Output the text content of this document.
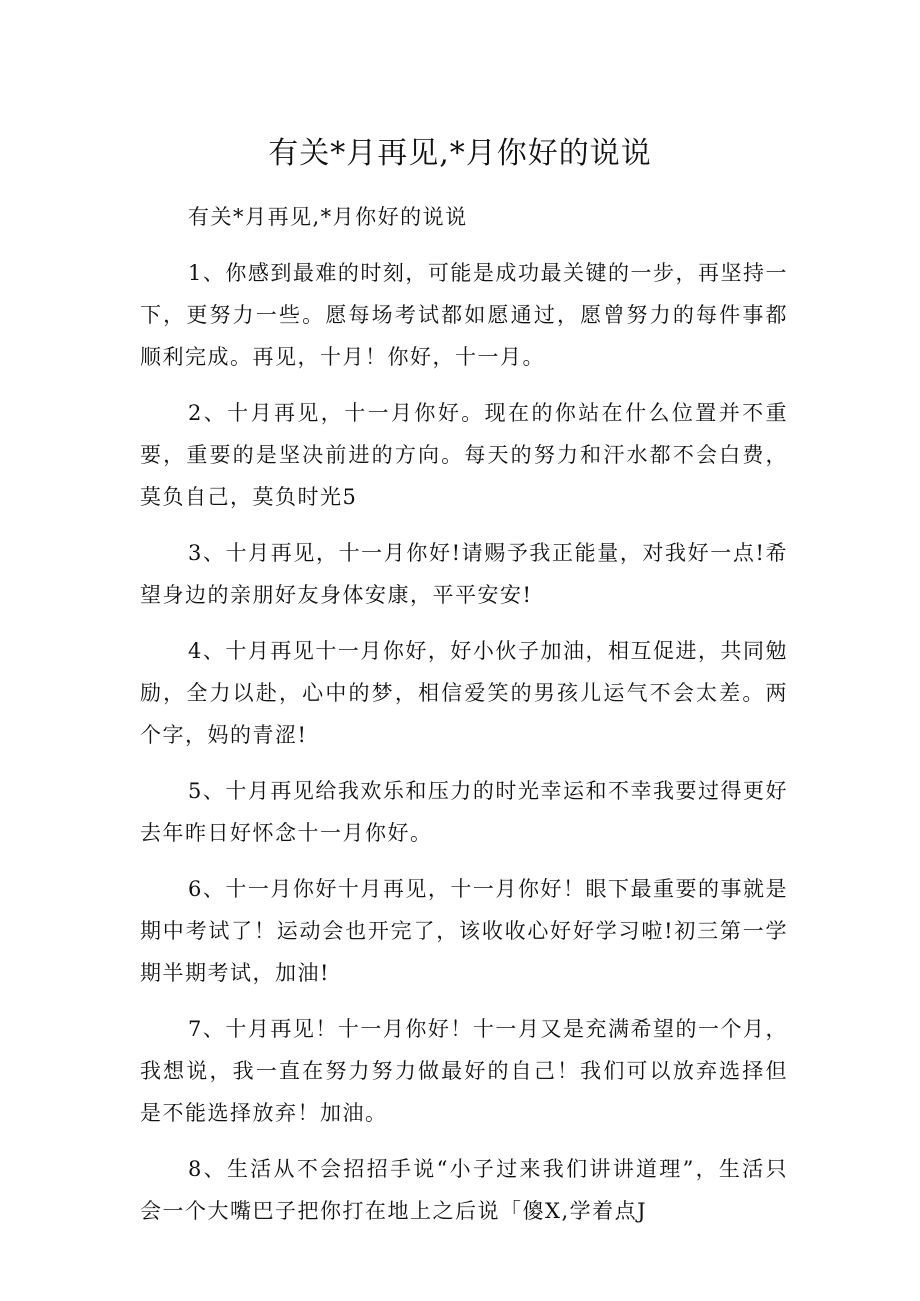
有关*月再见,*月你好的说说

有关*月再见,*月你好的说说

1、你感到最难的时刻，可能是成功最关键的一步，再坚持一下，更努力一些。愿每场考试都如愿通过，愿曾努力的每件事都顺利完成。再见，十月！你好，十一月。

2、十月再见，十一月你好。现在的你站在什么位置并不重要，重要的是坚决前进的方向。每天的努力和汗水都不会白费，莫负自己，莫负时光5

3、十月再见，十一月你好!请赐予我正能量，对我好一点!希望身边的亲朋好友身体安康，平平安安!

4、十月再见十一月你好，好小伙子加油，相互促进，共同勉励，全力以赴，心中的梦，相信爱笑的男孩儿运气不会太差。两个字，妈的青涩!

5、十月再见给我欢乐和压力的时光幸运和不幸我要过得更好去年昨日好怀念十一月你好。

6、十一月你好十月再见，十一月你好！眼下最重要的事就是期中考试了！运动会也开完了，该收收心好好学习啦!初三第一学期半期考试，加油!

7、十月再见！十一月你好！十一月又是充满希望的一个月，我想说，我一直在努力努力做最好的自己！我们可以放弃选择但是不能选择放弃！加油。

8、生活从不会招招手说“小子过来我们讲讲道理”，生活只会一个大嘴巴子把你打在地上之后说「傻X,学着点J
